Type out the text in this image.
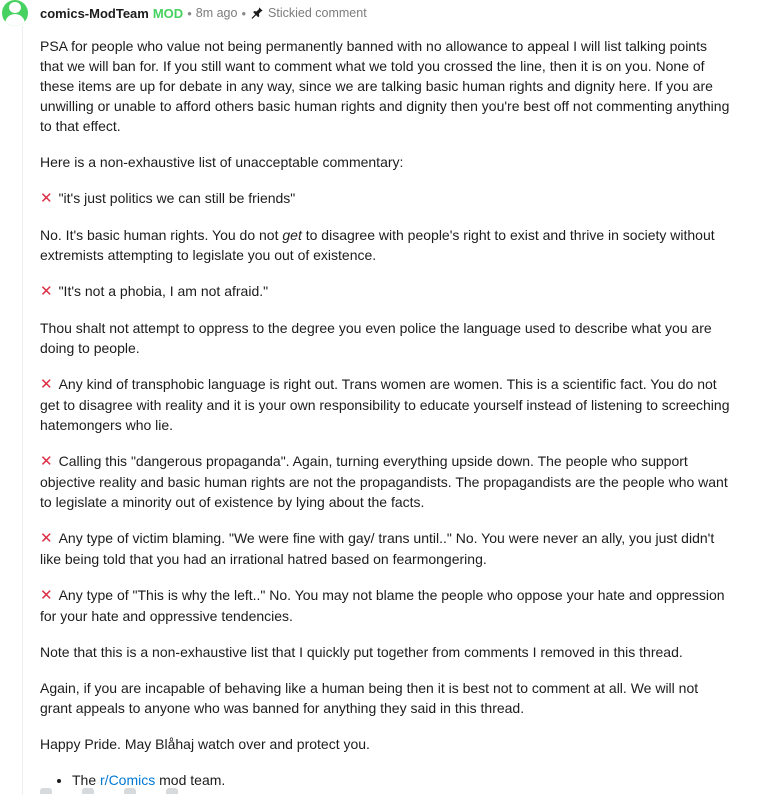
comics-ModTeam MOD • 8m ago • Stickied comment

PSA for people who value not being permanently banned with no allowance to appeal I will list talking points that we will ban for. If you still want to comment what we told you crossed the line, then it is on you. None of these items are up for debate in any way, since we are talking basic human rights and dignity here. If you are unwilling or unable to afford others basic human rights and dignity then you're best off not commenting anything to that effect.

Here is a non-exhaustive list of unacceptable commentary:

✕ "it's just politics we can still be friends"

No. It's basic human rights. You do not get to disagree with people's right to exist and thrive in society without extremists attempting to legislate you out of existence.

✕ "It's not a phobia, I am not afraid."

Thou shalt not attempt to oppress to the degree you even police the language used to describe what you are doing to people.

✕ Any kind of transphobic language is right out. Trans women are women. This is a scientific fact. You do not get to disagree with reality and it is your own responsibility to educate yourself instead of listening to screeching hatemongers who lie.

✕ Calling this "dangerous propaganda". Again, turning everything upside down. The people who support objective reality and basic human rights are not the propagandists. The propagandists are the people who want to legislate a minority out of existence by lying about the facts.

✕ Any type of victim blaming. "We were fine with gay/ trans until.." No. You were never an ally, you just didn't like being told that you had an irrational hatred based on fearmongering.

✕ Any type of "This is why the left.." No. You may not blame the people who oppose your hate and oppression for your hate and oppressive tendencies.

Note that this is a non-exhaustive list that I quickly put together from comments I removed in this thread.

Again, if you are incapable of behaving like a human being then it is best not to comment at all. We will not grant appeals to anyone who was banned for anything they said in this thread.

Happy Pride. May Blåhaj watch over and protect you.

• The r/Comics mod team.
